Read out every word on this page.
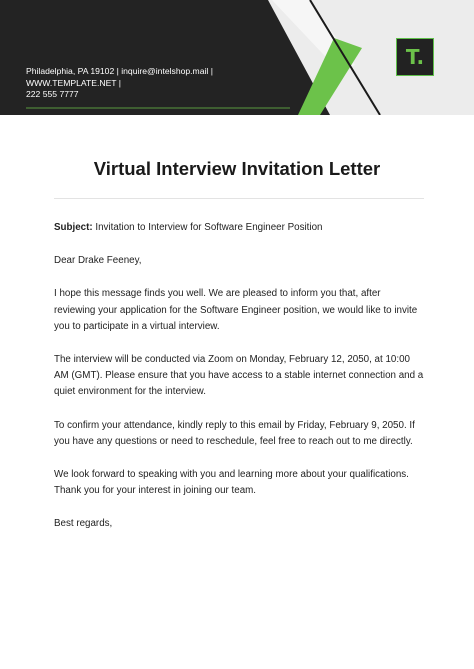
Philadelphia, PA 19102 | inquire@intelshop.mail | WWW.TEMPLATE.NET |
222 555 7777
T.
Virtual Interview Invitation Letter

Subject: Invitation to Interview for Software Engineer Position

Dear Drake Feeney,

I hope this message finds you well. We are pleased to inform you that, after reviewing your application for the Software Engineer position, we would like to invite you to participate in a virtual interview.

The interview will be conducted via Zoom on Monday, February 12, 2050, at 10:00 AM (GMT). Please ensure that you have access to a stable internet connection and a quiet environment for the interview.

To confirm your attendance, kindly reply to this email by Friday, February 9, 2050. If you have any questions or need to reschedule, feel free to reach out to me directly.

We look forward to speaking with you and learning more about your qualifications. Thank you for your interest in joining our team.

Best regards,
